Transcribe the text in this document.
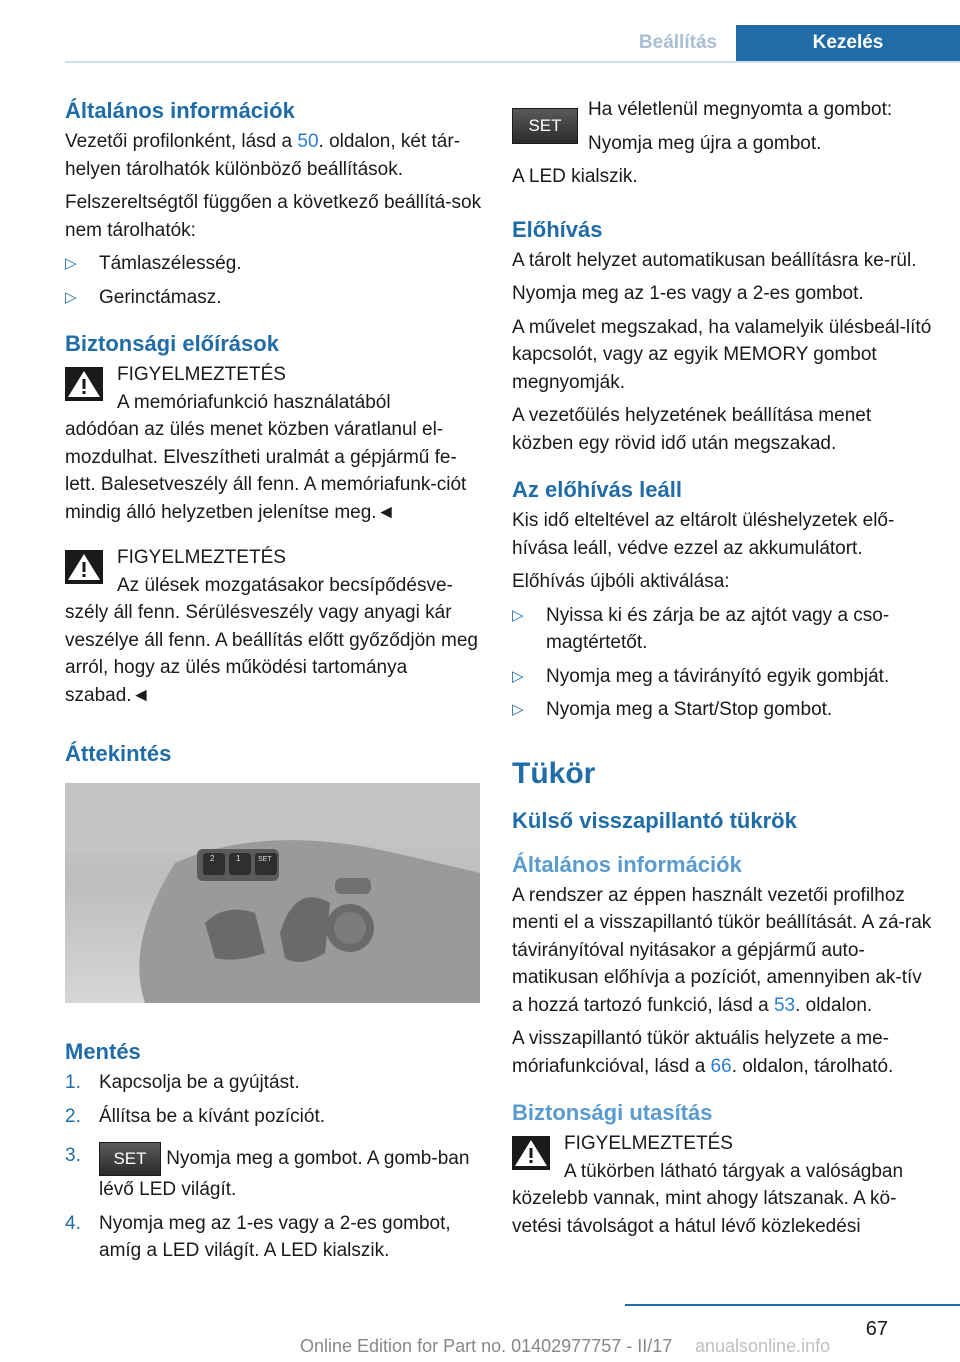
Beállítás	Kezelés
Általános információk

Vezetői profilonként, lásd a 50. oldalon, két tár-helyen tárolhatók különböző beállítások.

Felszereltségtől függően a következő beállítá-sok nem tárolhatók:

▷ Támlaszélesség.
▷ Gerinctámasz.
Biztonsági előírások
FIGYELMEZTETÉS
A memóriafunkció használatából

adódóan az ülés menet közben váratlanul el-mozdulhat. Elveszítheti uralmát a gépjármű fe-lett. Balesetveszély áll fenn. A memóriafunk-ciót mindig álló helyzetben jelenítse meg.◄

FIGYELMEZTETÉS
Az ülések mozgatásakor becsípődésve-

szély áll fenn. Sérülésveszély vagy anyagi kár veszélye áll fenn. A beállítás előtt győződjön meg arról, hogy az ülés működési tartománya szabad.◄

Áttekintés
2	1	SET
Mentés
1. Kapcsolja be a gyújtást.
2. Állítsa be a kívánt pozíciót.
3. SET Nyomja meg a gombot. A gomb-ban lévő LED világít.
4. Nyomja meg az 1-es vagy a 2-es gombot, amíg a LED világít. A LED kialszik.
SET

Ha véletlenül megnyomta a gombot:

Nyomja meg újra a gombot.

A LED kialszik.

Előhívás

A tárolt helyzet automatikusan beállításra ke-rül.

Nyomja meg az 1-es vagy a 2-es gombot.

A művelet megszakad, ha valamelyik ülésbeál-lító kapcsolót, vagy az egyik MEMORY gombot megnyomják.

A vezetőülés helyzetének beállítása menet közben egy rövid idő után megszakad.

Az előhívás leáll

Kis idő elteltével az eltárolt üléshelyzetek elő-hívása leáll, védve ezzel az akkumulátort.

Előhívás újbóli aktiválása:

▷ Nyissa ki és zárja be az ajtót vagy a cso-magtértetőt.
▷ Nyomja meg a távirányító egyik gombját.
▷ Nyomja meg a Start/Stop gombot.
Tükör
Külső visszapillantó tükrök
Általános információk

A rendszer az éppen használt vezetői profilhoz menti el a visszapillantó tükör beállítását. A zá-rak távirányítóval nyitásakor a gépjármű auto-matikusan előhívja a pozíciót, amennyiben ak-tív a hozzá tartozó funkció, lásd a 53. oldalon.

A visszapillantó tükör aktuális helyzete a me-móriafunkcióval, lásd a 66. oldalon, tárolható.

Biztonsági utasítás
FIGYELMEZTETÉS
A tükörben látható tárgyak a valóságban

közelebb vannak, mint ahogy látszanak. A kö-vetési távolságot a hátul lévő közlekedési

67
Online Edition for Part no. 01402977757 - II/17 anualsonline.info
